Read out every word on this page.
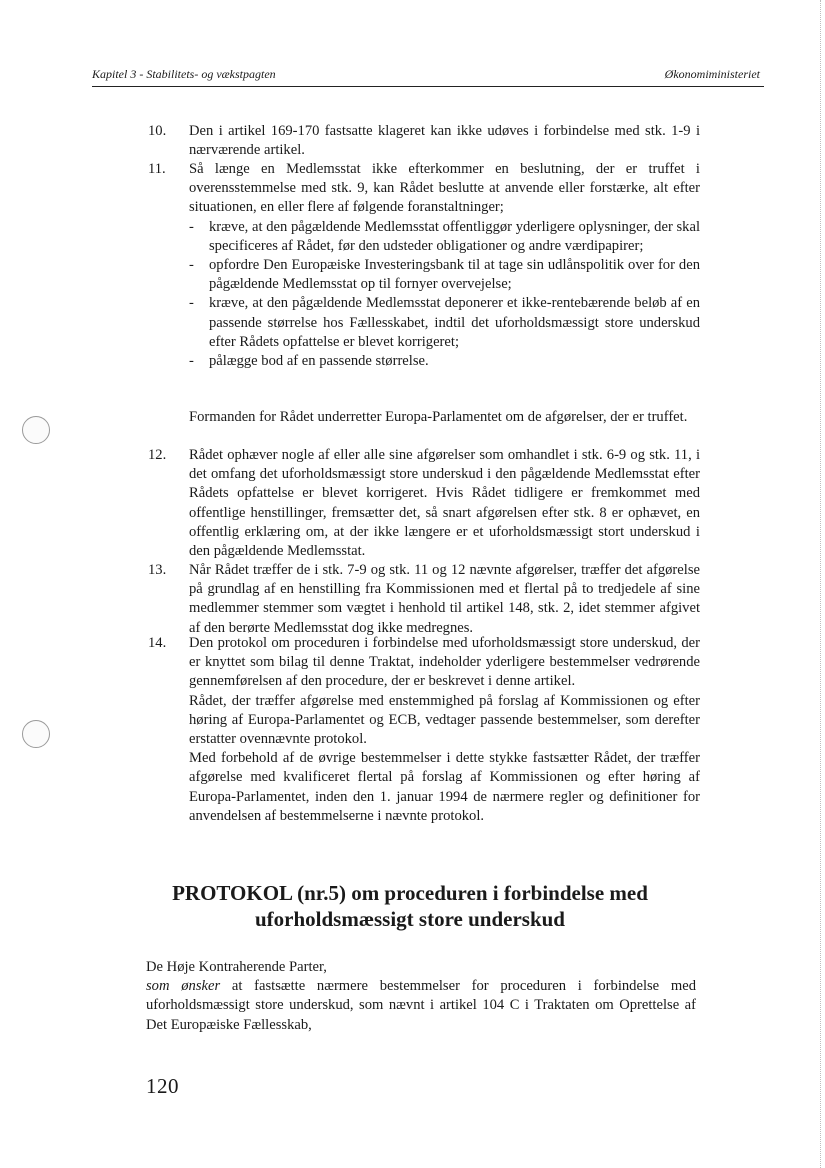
Kapitel 3 - Stabilitets- og vækstpagten	Økonomiministeriet
10.	Den i artikel 169-170 fastsatte klageret kan ikke udøves i forbindelse med stk. 1-9 i nærværende artikel.

11.	Så længe en Medlemsstat ikke efterkommer en beslutning, der er truffet i overensstemmelse med stk. 9, kan Rådet beslutte at anvende eller forstærke, alt efter situationen, en eller flere af følgende foranstaltninger;

- kræve, at den pågældende Medlemsstat offentliggør yderligere oplysninger, der skal specificeres af Rådet, før den udsteder obligationer og andre værdipapirer;
- opfordre Den Europæiske Investeringsbank til at tage sin udlånspolitik over for den pågældende Medlemsstat op til fornyer overvejelse;
- kræve, at den pågældende Medlemsstat deponerer et ikke-rentebærende beløb af en passende størrelse hos Fællesskabet, indtil det uforholdsmæssigt store underskud efter Rådets opfattelse er blevet korrigeret;
- pålægge bod af en passende størrelse.

Formanden for Rådet underretter Europa-Parlamentet om de afgørelser, der er truffet.

12.	Rådet ophæver nogle af eller alle sine afgørelser som omhandlet i stk. 6-9 og stk. 11, i det omfang det uforholdsmæssigt store underskud i den pågældende Medlemsstat efter Rådets opfattelse er blevet korrigeret. Hvis Rådet tidligere er fremkommet med offentlige henstillinger, fremsætter det, så snart afgørelsen efter stk. 8 er ophævet, en offentlig erklæring om, at der ikke længere er et uforholdsmæssigt stort underskud i den pågældende Medlemsstat.

13.	Når Rådet træffer de i stk. 7-9 og stk. 11 og 12 nævnte afgørelser, træffer det afgørelse på grundlag af en henstilling fra Kommissionen med et flertal på to tredjedele af sine medlemmer stemmer som vægtet i henhold til artikel 148, stk. 2, idet stemmer afgivet af den berørte Medlemsstat dog ikke medregnes.

14.	Den protokol om proceduren i forbindelse med uforholdsmæssigt store underskud, der er knyttet som bilag til denne Traktat, indeholder yderligere bestemmelser vedrørende gennemførelsen af den procedure, der er beskrevet i denne artikel.

Rådet, der træffer afgørelse med enstemmighed på forslag af Kommissionen og efter høring af Europa-Parlamentet og ECB, vedtager passende bestemmelser, som derefter erstatter ovennævnte protokol.

Med forbehold af de øvrige bestemmelser i dette stykke fastsætter Rådet, der træffer afgørelse med kvalificeret flertal på forslag af Kommissionen og efter høring af Europa-Parlamentet, inden den 1. januar 1994 de nærmere regler og definitioner for anvendelsen af bestemmelserne i nævnte protokol.

PROTOKOL (nr.5) om proceduren i forbindelse med
uforholdsmæssigt store underskud

De Høje Kontraherende Parter,

som ønsker at fastsætte nærmere bestemmelser for proceduren i forbindelse med uforholdsmæssigt store underskud, som nævnt i artikel 104 C i Traktaten om Oprettelse af Det Europæiske Fællesskab,

120
